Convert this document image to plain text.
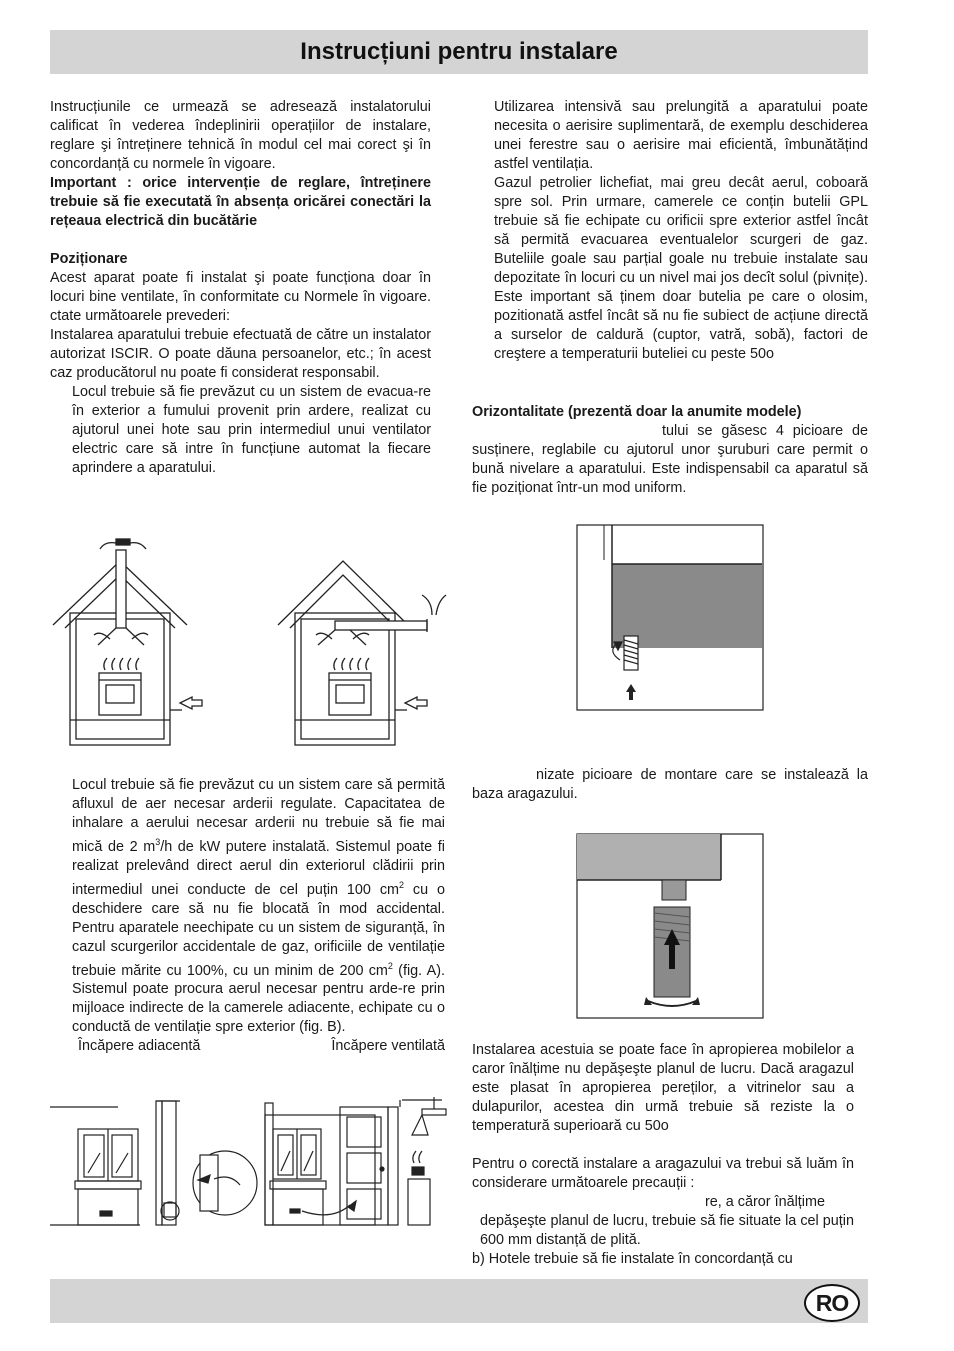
Instrucțiuni pentru instalare

Instrucțiunile ce urmează se adresează instalatorului calificat în vederea îndeplinirii operațiilor de instalare, reglare şi întreținere tehnică în modul cel mai corect şi în concordanță cu normele în vigoare.

Important : orice intervenție de reglare, întreținere trebuie să fie executată în absența oricărei conectări la rețeaua electrică din bucătărie

Poziționare

Acest aparat poate fi instalat şi poate funcționa doar în locuri bine ventilate, în conformitate cu Normele în vigoare. ctate următoarele prevederi:

Instalarea aparatului trebuie efectuată de către un instalator autorizat ISCIR. O poate dăuna persoanelor, etc.; în acest caz producătorul nu poate fi considerat responsabil.

Locul trebuie să fie prevăzut cu un sistem de evacua-re în exterior a fumului provenit prin ardere, realizat cu ajutorul unei hote sau prin intermediul unui ventilator electric care să intre în funcțiune automat la fiecare aprindere a aparatului.

Locul trebuie să fie prevăzut cu un sistem care să permită afluxul de aer necesar arderii regulate. Capacitatea de inhalare a aerului necesar arderii nu trebuie să fie mai mică de 2 $m^3/h$ de kW putere instalată. Sistemul poate fi realizat prelevând direct aerul din exteriorul clădirii prin intermediul unei conducte de cel puțin 100 $cm^2$ cu o deschidere care să nu fie blocată în mod accidental. Pentru aparatele neechipate cu un sistem de siguranță, în cazul scurgerilor accidentale de gaz, orificiile de ventilație trebuie mărite cu 100%, cu un minim de 200 $cm^2$ (fig. A). Sistemul poate procura aerul necesar pentru arde-re prin mijloace indirecte de la camerele adiacente, echipate cu o conductă de ventilație spre exterior (fig. B).

Încăpere adiacentă	Încăpere ventilată

Utilizarea intensivă sau prelungită a aparatului poate necesita o aerisire suplimentară, de exemplu deschiderea unei ferestre sau o aerisire mai eficientă, îmbunătățind astfel ventilația.

Gazul petrolier lichefiat, mai greu decât aerul, coboară spre sol. Prin urmare, camerele ce conțin butelii GPL trebuie să fie echipate cu orificii spre exterior astfel încât să permită evacuarea eventualelor scurgeri de gaz. Buteliile goale sau parțial goale nu trebuie instalate sau depozitate în locuri cu un nivel mai jos decît solul (pivnițe). Este important să ținem doar butelia pe care o olosim, pozitionată astfel încât să nu fie subiect de acțiune directă a surselor de caldură (cuptor, vatră, sobă), factori de creştere a temperaturii buteliei cu peste 50o

Orizontalitate (prezentă doar la anumite modele)

tului se găsesc 4 picioare de susținere, reglabile cu ajutorul unor şuruburi care permit o bună nivelare a aparatului. Este indispensabil ca aparatul să fie poziționat într-un mod uniform.

nizate picioare de montare care se instalează la baza aragazului.

Instalarea acestuia se poate face în apropierea mobilelor a caror înălțime nu depăşeşte planul de lucru. Dacă aragazul este plasat în apropierea pereților, a vitrinelor sau a dulapurilor, acestea din urmă trebuie să reziste la o temperatură superioară cu 50o

Pentru o corectă instalare a aragazului va trebui să luăm în considerare următoarele precauții :

re, a căror înălțime

depăşeşte planul de lucru, trebuie să fie situate la cel puțin 600 mm distanță de plită.

b) Hotele trebuie să fie instalate în concordanță cu

RO
